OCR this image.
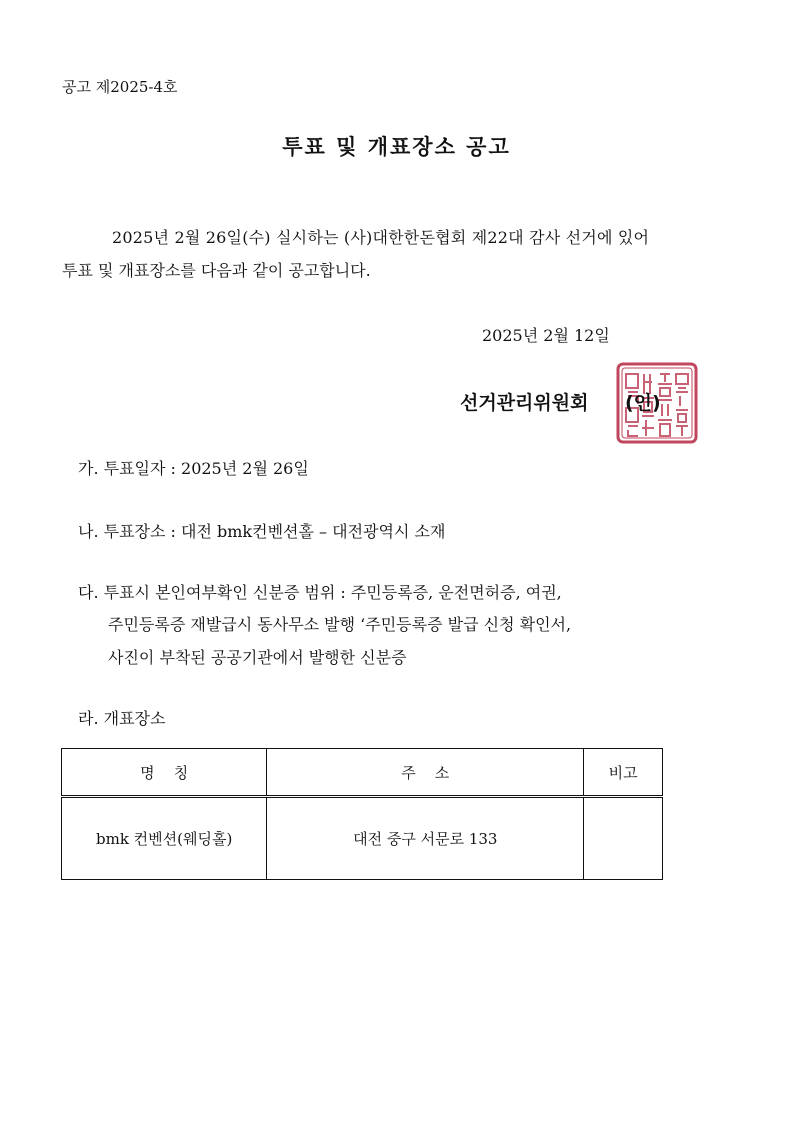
공고 제2025-4호
투표 및 개표장소 공고
2025년 2월 26일(수) 실시하는 (사)대한한돈협회 제22대 감사 선거에 있어
투표 및 개표장소를 다음과 같이 공고합니다.
2025년 2월 12일
선거관리위원회 (인)
가. 투표일자 : 2025년 2월 26일
나. 투표장소 : 대전 bmk컨벤션홀 – 대전광역시 소재
다. 투표시 본인여부확인 신분증 범위 : 주민등록증, 운전면허증, 여권,
주민등록증 재발급시 동사무소 발행 ‘주민등록증 발급 신청 확인서,
사진이 부착된 공공기관에서 발행한 신분증
라. 개표장소
명    칭	주    소	비고
bmk 컨벤션(웨딩홀)	대전 중구 서문로 133	
